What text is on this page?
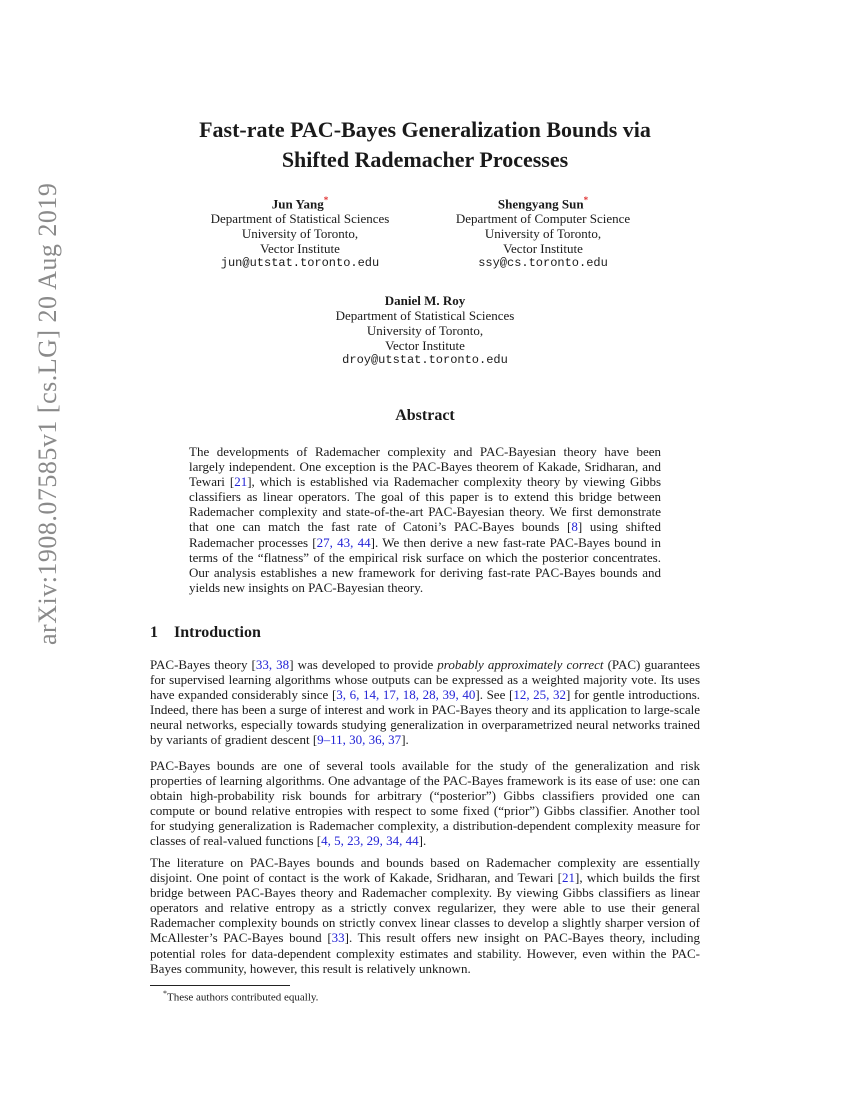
arXiv:1908.07585v1 [cs.LG] 20 Aug 2019
Fast-rate PAC-Bayes Generalization Bounds via
Shifted Rademacher Processes
Jun Yang*
Department of Statistical Sciences
University of Toronto,
Vector Institute
jun@utstat.toronto.edu
Shengyang Sun*
Department of Computer Science
University of Toronto,
Vector Institute
ssy@cs.toronto.edu
Daniel M. Roy
Department of Statistical Sciences
University of Toronto,
Vector Institute
droy@utstat.toronto.edu
Abstract
The developments of Rademacher complexity and PAC-Bayesian theory have been largely independent. One exception is the PAC-Bayes theorem of Kakade, Sridharan, and Tewari [21], which is established via Rademacher complexity theory by viewing Gibbs classifiers as linear operators. The goal of this paper is to extend this bridge between Rademacher complexity and state-of-the-art PAC-Bayesian theory. We first demonstrate that one can match the fast rate of Catoni’s PAC-Bayes bounds [8] using shifted Rademacher processes [27, 43, 44]. We then derive a new fast-rate PAC-Bayes bound in terms of the “flatness” of the empirical risk surface on which the posterior concentrates. Our analysis establishes a new framework for deriving fast-rate PAC-Bayes bounds and yields new insights on PAC-Bayesian theory.
1 Introduction
PAC-Bayes theory [33, 38] was developed to provide probably approximately correct (PAC) guarantees for supervised learning algorithms whose outputs can be expressed as a weighted majority vote. Its uses have expanded considerably since [3, 6, 14, 17, 18, 28, 39, 40]. See [12, 25, 32] for gentle introductions. Indeed, there has been a surge of interest and work in PAC-Bayes theory and its application to large-scale neural networks, especially towards studying generalization in overparametrized neural networks trained by variants of gradient descent [9–11, 30, 36, 37].
PAC-Bayes bounds are one of several tools available for the study of the generalization and risk properties of learning algorithms. One advantage of the PAC-Bayes framework is its ease of use: one can obtain high-probability risk bounds for arbitrary (“posterior”) Gibbs classifiers provided one can compute or bound relative entropies with respect to some fixed (“prior”) Gibbs classifier. Another tool for studying generalization is Rademacher complexity, a distribution-dependent complexity measure for classes of real-valued functions [4, 5, 23, 29, 34, 44].
The literature on PAC-Bayes bounds and bounds based on Rademacher complexity are essentially disjoint. One point of contact is the work of Kakade, Sridharan, and Tewari [21], which builds the first bridge between PAC-Bayes theory and Rademacher complexity. By viewing Gibbs classifiers as linear operators and relative entropy as a strictly convex regularizer, they were able to use their general Rademacher complexity bounds on strictly convex linear classes to develop a slightly sharper version of McAllester’s PAC-Bayes bound [33]. This result offers new insight on PAC-Bayes theory, including potential roles for data-dependent complexity estimates and stability. However, even within the PAC-Bayes community, however, this result is relatively unknown.
*These authors contributed equally.
